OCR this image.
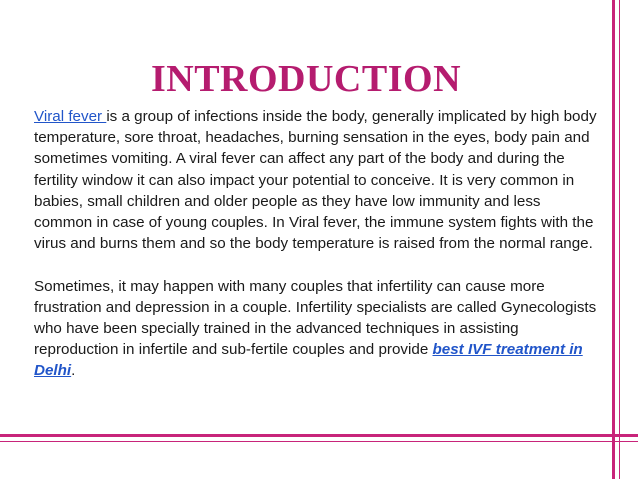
INTRODUCTION

Viral fever is a group of infections inside the body, generally implicated by high body temperature, sore throat, headaches, burning sensation in the eyes, body pain and sometimes vomiting. A viral fever can affect any part of the body and during the fertility window it can also impact your potential to conceive. It is very common in babies, small children and older people as they have low immunity and less common in case of young couples. In Viral fever, the immune system fights with the virus and burns them and so the body temperature is raised from the normal range.

Sometimes, it may happen with many couples that infertility can cause more frustration and depression in a couple. Infertility specialists are called Gynecologists who have been specially trained in the advanced techniques in assisting reproduction in infertile and sub-fertile couples and provide best IVF treatment in Delhi.
